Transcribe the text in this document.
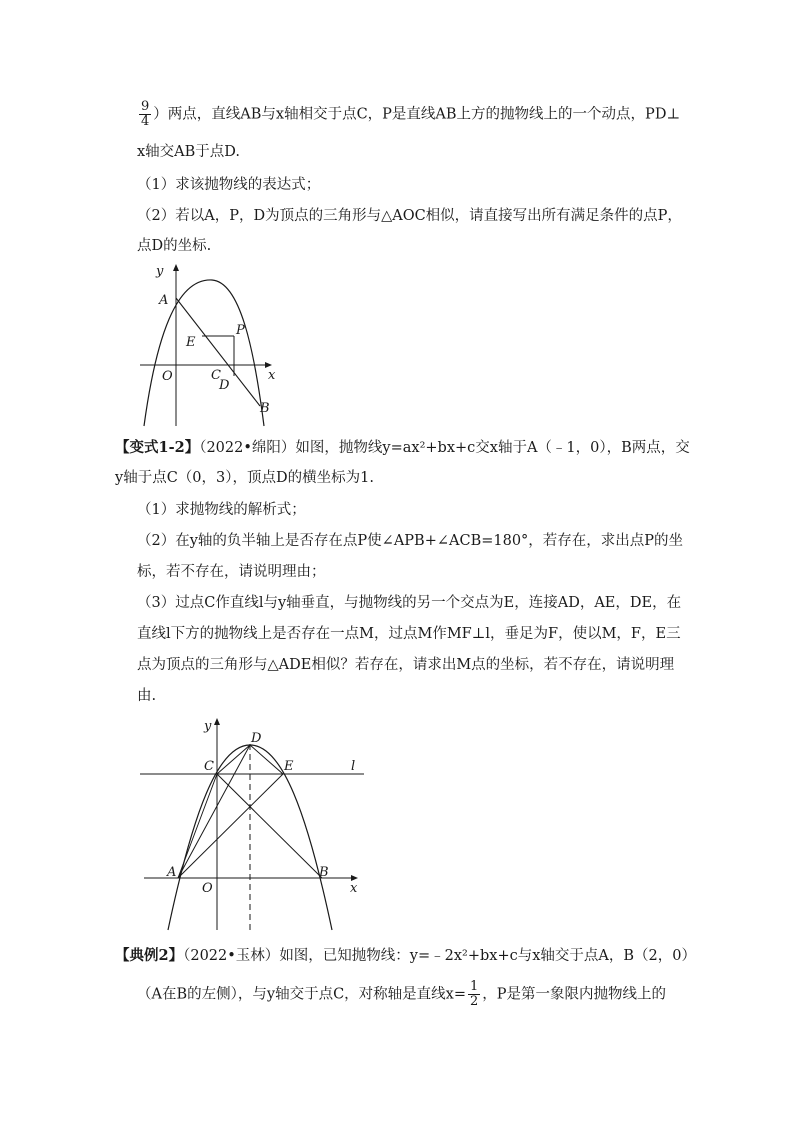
$\frac{9}{4}$ ）两点，直线AB与x轴相交于点C，P是直线AB上方的抛物线上的一个动点，PD⊥
x轴交AB于点D.
（1）求该抛物线的表达式；
（2）若以A，P，D为顶点的三角形与△AOC相似，请直接写出所有满足条件的点P，
点D的坐标.
y
A
P
E
O	C
D
x
B
【变式1-2】（2022•绵阳）如图，抛物线y=ax²+bx+c交x轴于A（﹣1，0），B两点，交
y轴于点C（0，3），顶点D的横坐标为1.
（1）求抛物线的解析式；
（2）在y轴的负半轴上是否存在点P使∠APB+∠ACB=180°，若存在，求出点P的坐
标，若不存在，请说明理由；
（3）过点C作直线l与y轴垂直，与抛物线的另一个交点为E，连接AD，AE，DE，在
直线l下方的抛物线上是否存在一点M，过点M作MF⊥l，垂足为F，使以M，F，E三
点为顶点的三角形与△ADE相似？若存在，请求出M点的坐标，若不存在，请说明理
由.
y
D
C	E	l
A
O
B
x
【典例2】（2022•玉林）如图，已知抛物线：y=﹣2x²+bx+c与x轴交于点A，B（2，0）
（A在B的左侧），与y轴交于点C，对称轴是直线$x= \frac{1}{2}$ ，P是第一象限内抛物线上的
